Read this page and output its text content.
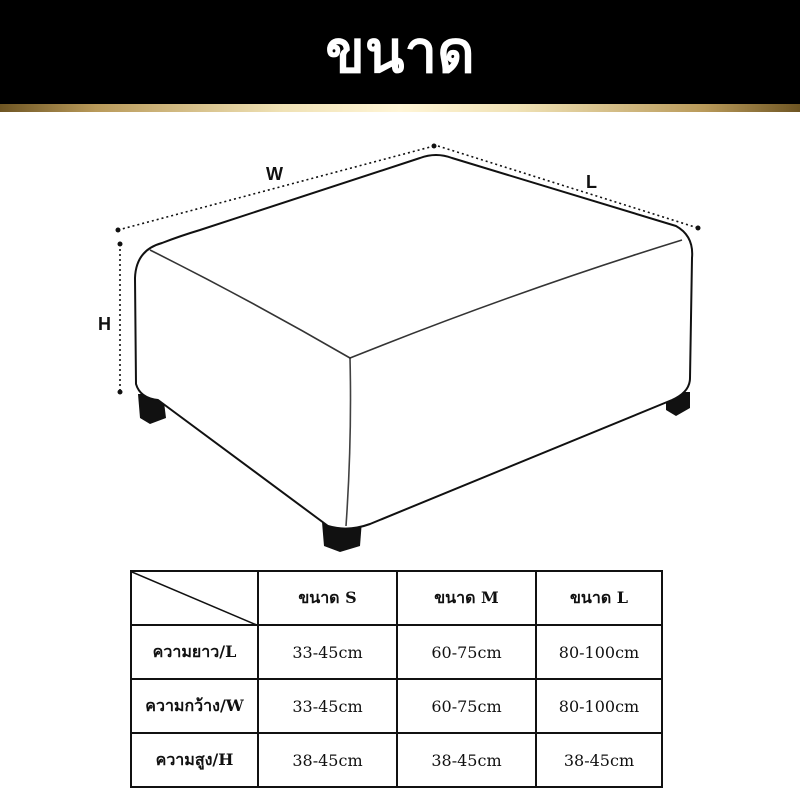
ขนาด
W	L
H
	ขนาด S	ขนาด M	ขนาด L
ความยาว/L	33-45cm	60-75cm	80-100cm
ความกว้าง/W	33-45cm	60-75cm	80-100cm
ความสูง/H	38-45cm	38-45cm	38-45cm
